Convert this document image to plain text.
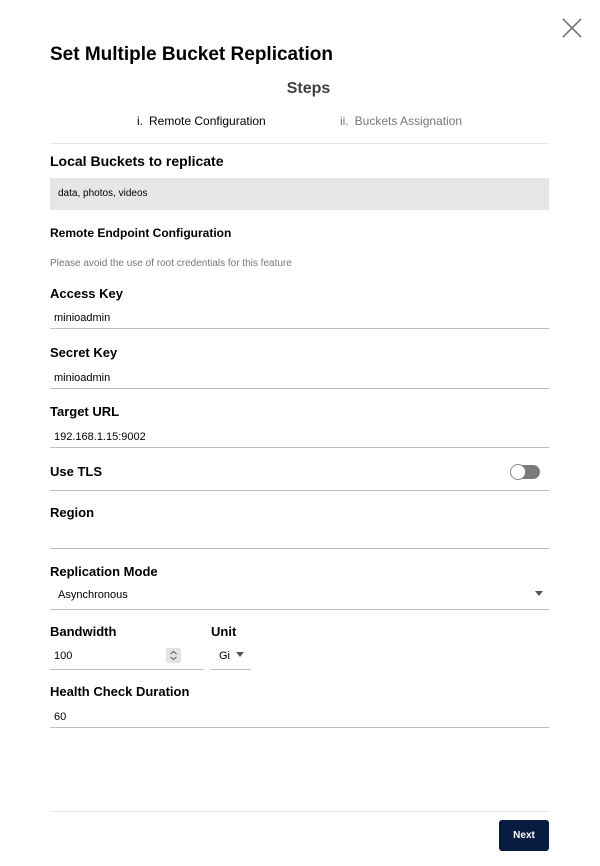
Set Multiple Bucket Replication
Steps
i. Remote Configuration	ii. Buckets Assignation
Local Buckets to replicate
data, photos, videos
Remote Endpoint Configuration
Please avoid the use of root credentials for this feature
Access Key
minioadmin
Secret Key
minioadmin
Target URL
192.168.1.15:9002
Use TLS
Region
Replication Mode
Asynchronous
Bandwidth
100
Unit
Gi
Health Check Duration
60
Next
